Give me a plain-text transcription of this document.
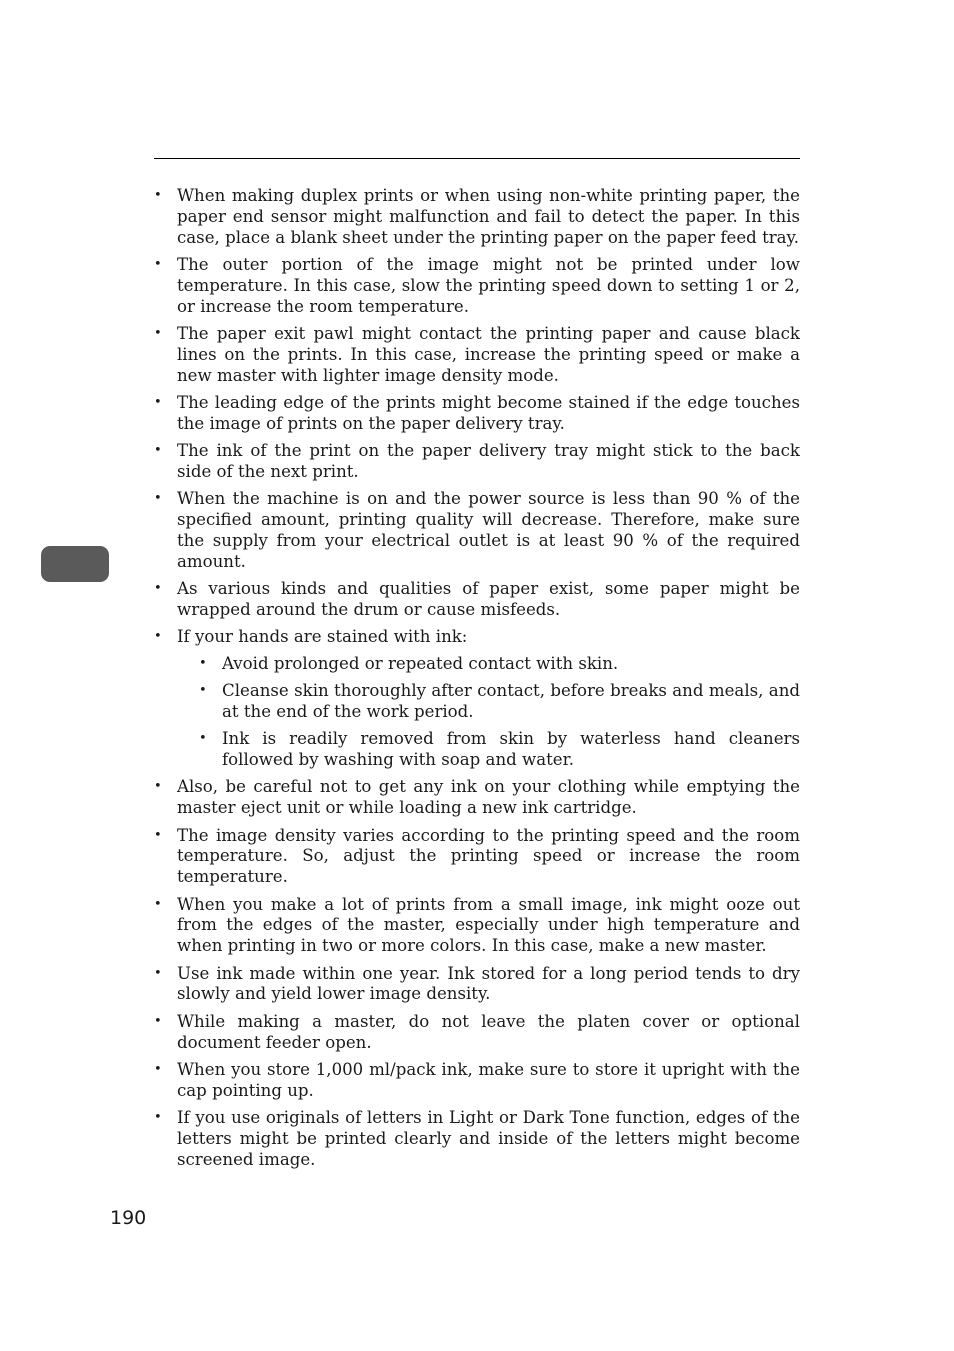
• When making duplex prints or when using non-white printing paper, the paper end sensor might malfunction and fail to detect the paper. In this case, place a blank sheet under the printing paper on the paper feed tray.
• The outer portion of the image might not be printed under low temperature. In this case, slow the printing speed down to setting 1 or 2, or increase the room temperature.
• The paper exit pawl might contact the printing paper and cause black lines on the prints. In this case, increase the printing speed or make a new master with lighter image density mode.
• The leading edge of the prints might become stained if the edge touches the image of prints on the paper delivery tray.
• The ink of the print on the paper delivery tray might stick to the back side of the next print.
• When the machine is on and the power source is less than 90 % of the specified amount, printing quality will decrease. Therefore, make sure the supply from your electrical outlet is at least 90 % of the required amount.
• As various kinds and qualities of paper exist, some paper might be wrapped around the drum or cause misfeeds.
• If your hands are stained with ink:
• Avoid prolonged or repeated contact with skin.
• Cleanse skin thoroughly after contact, before breaks and meals, and at the end of the work period.
• Ink is readily removed from skin by waterless hand cleaners followed by washing with soap and water.
• Also, be careful not to get any ink on your clothing while emptying the master eject unit or while loading a new ink cartridge.
• The image density varies according to the printing speed and the room temperature. So, adjust the printing speed or increase the room temperature.
• When you make a lot of prints from a small image, ink might ooze out from the edges of the master, especially under high temperature and when printing in two or more colors. In this case, make a new master.
• Use ink made within one year. Ink stored for a long period tends to dry slowly and yield lower image density.
• While making a master, do not leave the platen cover or optional document feeder open.
• When you store 1,000 ml/pack ink, make sure to store it upright with the cap pointing up.
• If you use originals of letters in Light or Dark Tone function, edges of the letters might be printed clearly and inside of the letters might become screened image.
190
